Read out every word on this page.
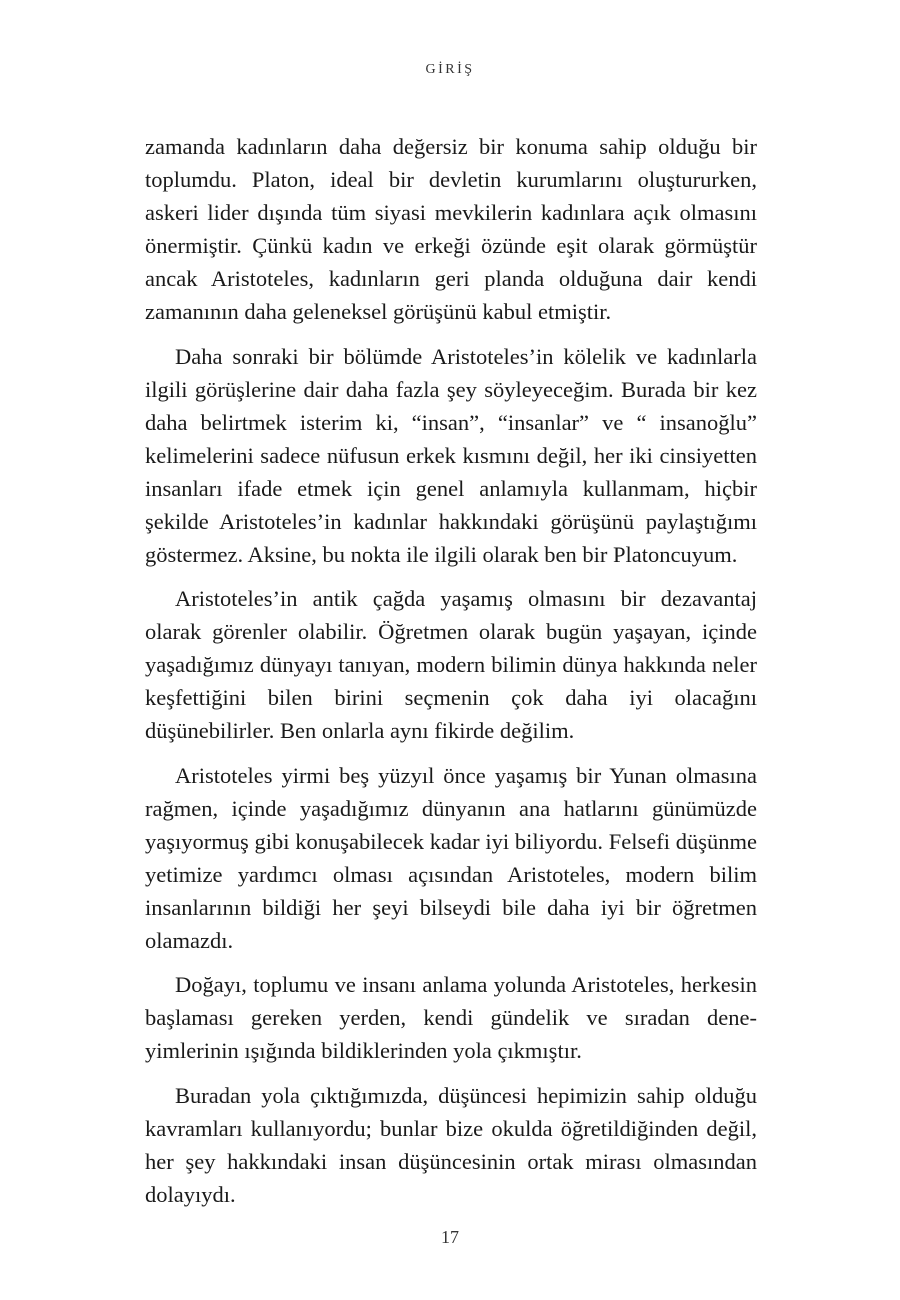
GİRİŞ

zamanda kadınların daha değersiz bir konuma sahip olduğu bir toplumdu. Platon, ideal bir devletin kurumlarını oluştururken, askeri lider dışında tüm siyasi mevkilerin kadınlara açık olmasını önermiştir. Çünkü kadın ve erkeği özünde eşit olarak görmüştür ancak Aristoteles, kadınların geri planda olduğuna dair kendi zamanının daha geleneksel görüşünü kabul etmiştir.

Daha sonraki bir bölümde Aristoteles’in kölelik ve kadınlarla ilgili görüşlerine dair daha fazla şey söyleyeceğim. Burada bir kez daha belirtmek isterim ki, “insan”, “insanlar” ve “ insanoğlu” kelimelerini sadece nüfusun erkek kısmını değil, her iki cinsiyetten insanları ifade etmek için genel anlamıyla kullanmam, hiçbir şekilde Aristoteles’in kadınlar hakkındaki görüşünü paylaştığımı göstermez. Aksine, bu nokta ile ilgili olarak ben bir Platoncuyum.

Aristoteles’in antik çağda yaşamış olmasını bir dezavantaj olarak görenler olabilir. Öğretmen olarak bugün yaşayan, içinde yaşadığımız dünyayı tanıyan, modern bilimin dünya hakkında neler keşfettiğini bilen birini seçmenin çok daha iyi olacağını düşünebilirler. Ben onlarla aynı fikirde değilim.

Aristoteles yirmi beş yüzyıl önce yaşamış bir Yunan olmasına rağmen, içinde yaşadığımız dünyanın ana hatlarını günümüzde yaşıyormuş gibi konuşabilecek kadar iyi biliyordu. Felsefi düşünme yetimize yardımcı olması açısından Aristoteles, modern bilim insanlarının bildiği her şeyi bilseydi bile daha iyi bir öğretmen olamazdı.

Doğayı, toplumu ve insanı anlama yolunda Aristoteles, herkesin başlaması gereken yerden, kendi gündelik ve sıradan deneyimlerinin ışığında bildiklerinden yola çıkmıştır.

Buradan yola çıktığımızda, düşüncesi hepimizin sahip olduğu kavramları kullanıyordu; bunlar bize okulda öğretildiğinden değil, her şey hakkındaki insan düşüncesinin ortak mirası olmasından dolayıydı.

17
